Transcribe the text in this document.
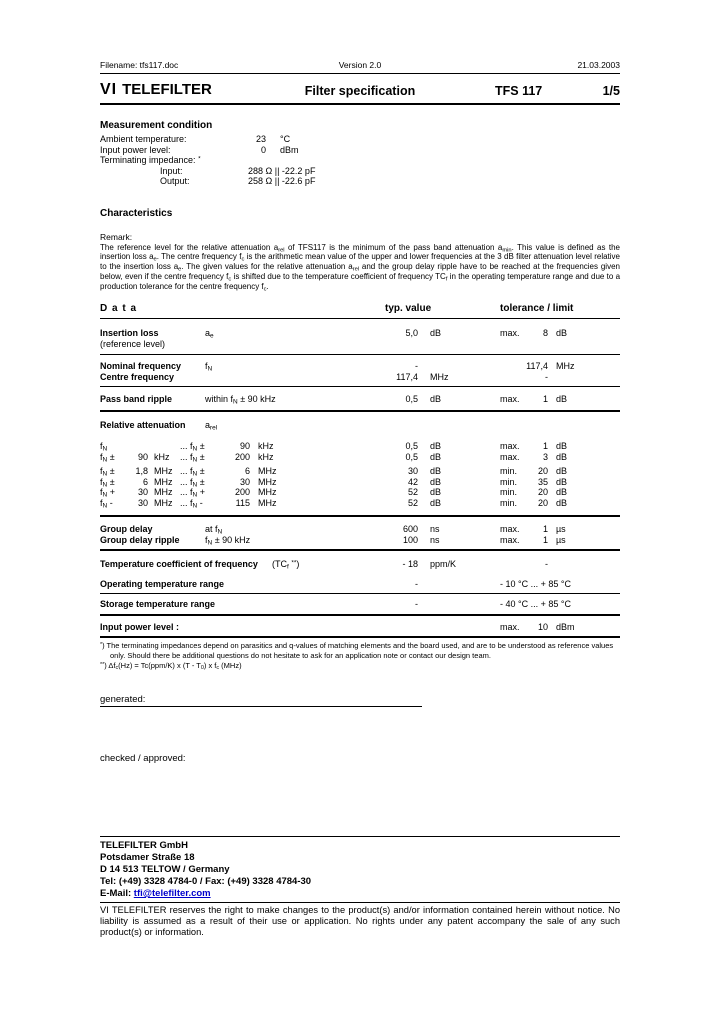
Filename: tfs117.doc	Version 2.0	21.03.2003
VI TELEFILTER	Filter specification	TFS 117	1/5
Measurement condition
Ambient temperature:	23 °C
Input power level:	0 dBm
Terminating impedance: *
Input:	288 Ω || -22.2 pF
Output:	258 Ω || -22.6 pF
Characteristics
Remark:
The reference level for the relative attenuation $a_{rel}$ of TFS117 is the minimum of the pass band attenuation $a_{min}$. This value is defined as the insertion loss $a_e$. The centre frequency $f_c$ is the arithmetic mean value of the upper and lower frequencies at the 3 dB filter attenuation level relative to the insertion loss $a_e$. The given values for the relative attenuation $a_{rel}$ and the group delay ripple have to be reached at the frequencies given below, even if the centre frequency $f_c$ is shifted due to the temperature coefficient of frequency $TC_f$ in the operating temperature range and due to a production tolerance for the centre frequency $f_c$.
D a t a	typ. value	tolerance / limit
Insertion loss	$a_e$	5,0	dB	max.	8 dB
(reference level)
Nominal frequency	$f_N$	-	117,4 MHz
Centre frequency	117,4	MHz	-
Pass band ripple	within $f_N \pm 90$ kHz	0,5	dB	max.	1 dB
Relative attenuation	$a_{rel}$
$f_N$	... $f_N$ ±	90 kHz	0,5	dB	max.	1 dB
$f_N$ ±	90 kHz	... $f_N$ ±	200 kHz	0,5	dB	max.	3 dB
$f_N$ ±	1,8 MHz ... $f_N$ ±	6 MHz	30	dB	min.	20 dB
$f_N$ ±	6 MHz ... $f_N$ ±	30 MHz	42	dB	min.	35 dB
$f_N$ +	30 MHz ... $f_N$ +	200 MHz	52	dB	min.	20 dB
$f_N$ -	30 MHz ... $f_N$ -	115 MHz	52	dB	min.	20 dB
Group delay	at $f_N$	600	ns	max.	1 µs
Group delay ripple	$f_N \pm 90$ kHz	100	ns	max.	1 µs
Temperature coefficient of frequency	($TC_f$ **)	- 18	ppm/K	-
Operating temperature range	-	- 10 °C ... + 85 °C
Storage temperature range	-	- 40 °C ... + 85 °C
Input power level :	max.	10 dBm
*) The terminating impedances depend on parasitics and q-values of matching elements and the board used, and are to be understood as reference values only. Should there be additional questions do not hesitate to ask for an application note or contact our design team.
**) $\Delta f_c(Hz) = Tc(ppm/K)$ x $(T - T_0)$ x $f_c$ (MHz)
generated:
checked / approved:
TELEFILTER GmbH
Potsdamer Straße 18
D 14 513 TELTOW / Germany
Tel: (+49) 3328 4784-0 / Fax: (+49) 3328 4784-30
E-Mail: tfi@telefilter.com
VI TELEFILTER reserves the right to make changes to the product(s) and/or information contained herein without notice. No liability is assumed as a result of their use or application. No rights under any patent accompany the sale of any such product(s) or information.
